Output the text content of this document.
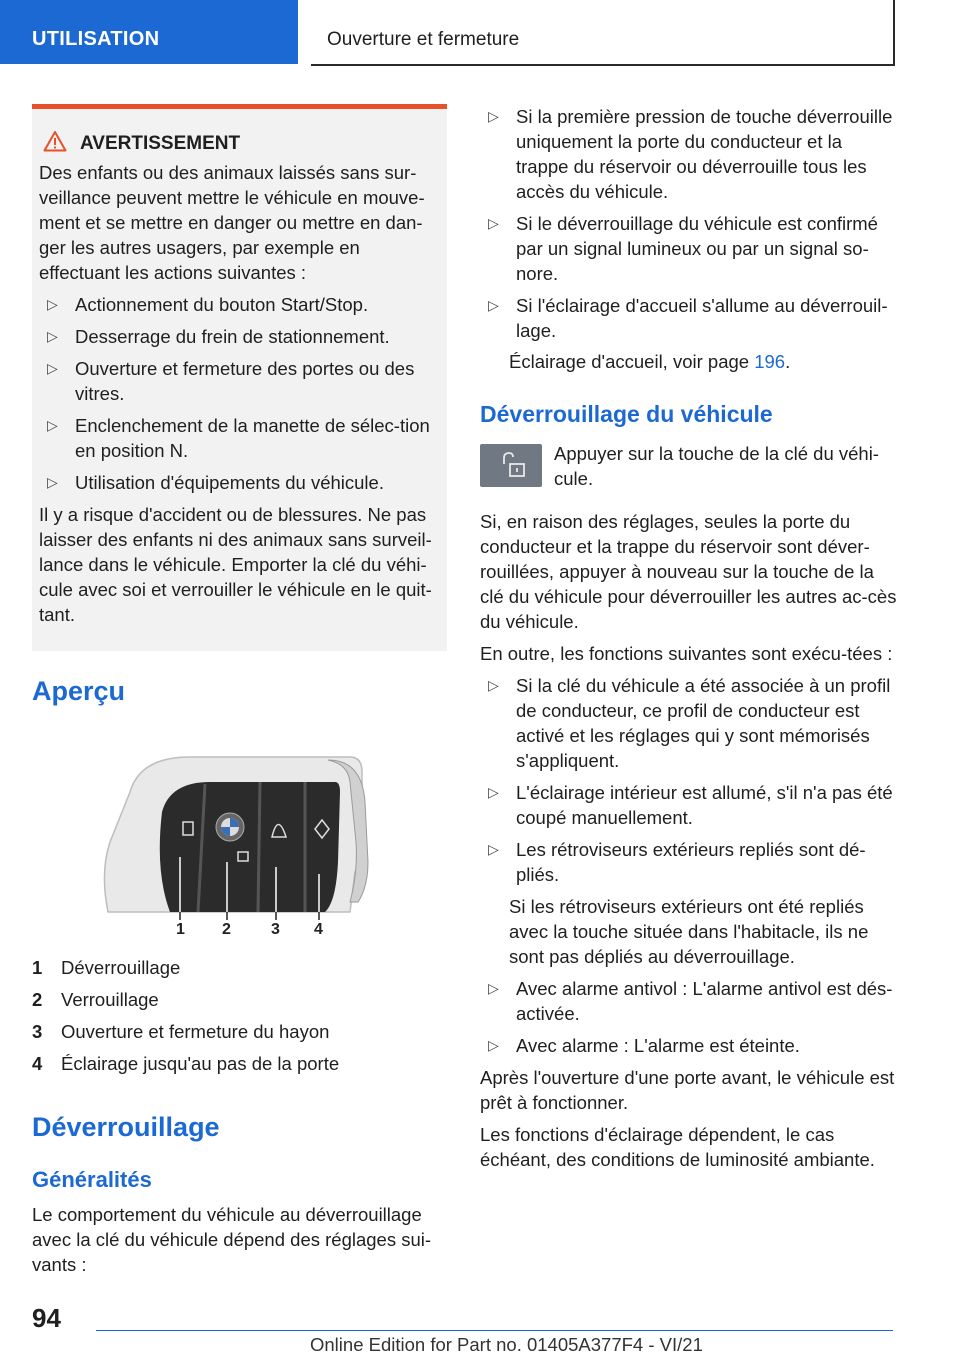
UTILISATION	Ouverture et fermeture
AVERTISSEMENT

Des enfants ou des animaux laissés sans sur-veillance peuvent mettre le véhicule en mouve-ment et se mettre en danger ou mettre en dan-ger les autres usagers, par exemple en effectuant les actions suivantes :

▷ Actionnement du bouton Start/Stop.
▷ Desserrage du frein de stationnement.
▷ Ouverture et fermeture des portes ou des vitres.
▷ Enclenchement de la manette de sélec-tion en position N.
▷ Utilisation d'équipements du véhicule.

Il y a risque d'accident ou de blessures. Ne pas laisser des enfants ni des animaux sans surveil-lance dans le véhicule. Emporter la clé du véhi-cule avec soi et verrouiller le véhicule en le quit-tant.

Aperçu
1 2	3 4
1 Déverrouillage
2 Verrouillage
3 Ouverture et fermeture du hayon
4 Éclairage jusqu'au pas de la porte
Déverrouillage
Généralités
Le comportement du véhicule au déverrouillage avec la clé du véhicule dépend des réglages sui-vants :
▷ Si la première pression de touche déverrouille uniquement la porte du conducteur et la trappe du réservoir ou déverrouille tous les accès du véhicule.
▷ Si le déverrouillage du véhicule est confirmé par un signal lumineux ou par un signal so-nore.
▷ Si l'éclairage d'accueil s'allume au déverrouil-lage.

Éclairage d'accueil, voir page 196.

Déverrouillage du véhicule
Appuyer sur la touche de la clé du véhi-cule.

Si, en raison des réglages, seules la porte du conducteur et la trappe du réservoir sont déver-rouillées, appuyer à nouveau sur la touche de la clé du véhicule pour déverrouiller les autres ac-cès du véhicule.

En outre, les fonctions suivantes sont exécu-tées :

▷ Si la clé du véhicule a été associée à un profil de conducteur, ce profil de conducteur est activé et les réglages qui y sont mémorisés s'appliquent.
▷ L'éclairage intérieur est allumé, s'il n'a pas été coupé manuellement.
▷ Les rétroviseurs extérieurs repliés sont dé-pliés.

Si les rétroviseurs extérieurs ont été repliés avec la touche située dans l'habitacle, ils ne sont pas dépliés au déverrouillage.

▷ Avec alarme antivol : L'alarme antivol est dés-activée.
▷ Avec alarme : L'alarme est éteinte.

Après l'ouverture d'une porte avant, le véhicule est prêt à fonctionner.

Les fonctions d'éclairage dépendent, le cas échéant, des conditions de luminosité ambiante.

94
Online Edition for Part no. 01405A377F4 - VI/21
